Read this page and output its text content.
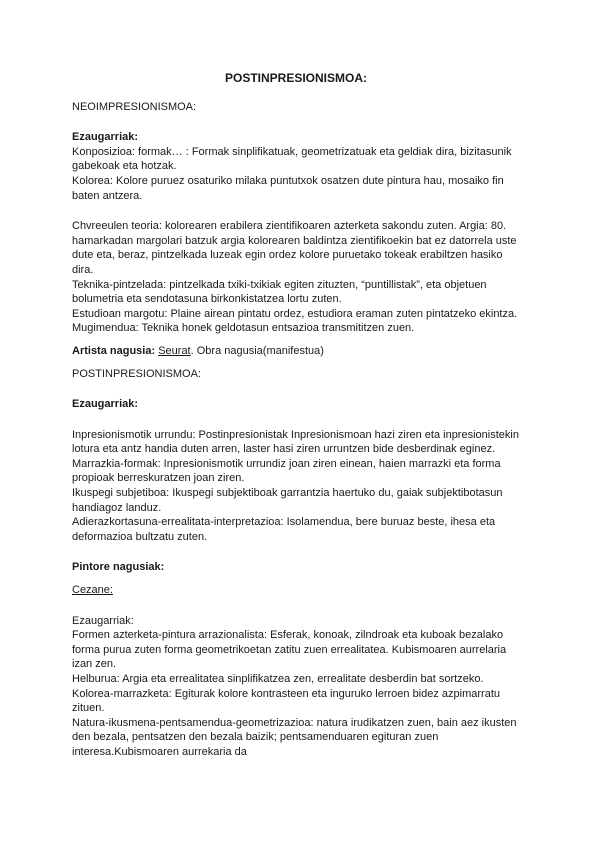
POSTINPRESIONISMOA:

NEOIMPRESIONISMOA:

Ezaugarriak:

Konposizioa: formak… : Formak sinplifikatuak, geometrizatuak eta geldiak dira, bizitasunik gabekoak eta hotzak.

Kolorea: Kolore puruez osaturiko milaka puntutxok osatzen dute pintura hau, mosaiko fin baten antzera.

Chvreeulen teoria: kolorearen erabilera zientifikoaren azterketa sakondu zuten. Argia: 80. hamarkadan margolari batzuk argia kolorearen baldintza zientifikoekin bat ez datorrela uste dute eta, beraz, pintzelkada luzeak egin ordez kolore puruetako tokeak erabiltzen hasiko dira.

Teknika-pintzelada: pintzelkada txiki-txikiak egiten zituzten, “puntillistak”, eta objetuen bolumetria eta sendotasuna birkonkistatzea lortu zuten.

Estudioan margotu: Plaine airean pintatu ordez, estudiora eraman zuten pintatzeko ekintza.

Mugimendua: Teknika honek geldotasun entsazioa transmititzen zuen.

Artista nagusia: Seurat. Obra nagusia(manifestua)

POSTINPRESIONISMOA:

Ezaugarriak:

Inpresionismotik urrundu: Postinpresionistak Inpresionismoan hazi ziren eta inpresionistekin lotura eta antz handia duten arren, laster hasi ziren urruntzen bide desberdinak eginez.

Marrazkia-formak: Inpresionismotik urrundiz joan ziren einean, haien marrazki eta forma propioak berreskuratzen joan ziren.

Ikuspegi subjetiboa: Ikuspegi subjektiboak garrantzia haertuko du, gaiak subjektibotasun handiagoz landuz.

Adierazkortasuna-errealitata-interpretazioa: Isolamendua, bere buruaz beste, ihesa eta deformazioa bultzatu zuten.

Pintore nagusiak:

Cezane:

Ezaugarriak:

Formen azterketa-pintura arrazionalista: Esferak, konoak, zilndroak eta kuboak bezalako forma purua zuten forma geometrikoetan zatitu zuen errealitatea. Kubismoaren aurrelaria izan zen.

Helburua: Argia eta errealitatea sinplifikatzea zen, errealitate desberdin bat sortzeko.

Kolorea-marrazketa: Egiturak kolore kontrasteen eta inguruko lerroen bidez azpimarratu zituen.

Natura-ikusmena-pentsamendua-geometrizazioa: natura irudikatzen zuen, bain aez ikusten den bezala, pentsatzen den bezala baizik; pentsamenduaren egituran zuen interesa.Kubismoaren aurrekaria da
